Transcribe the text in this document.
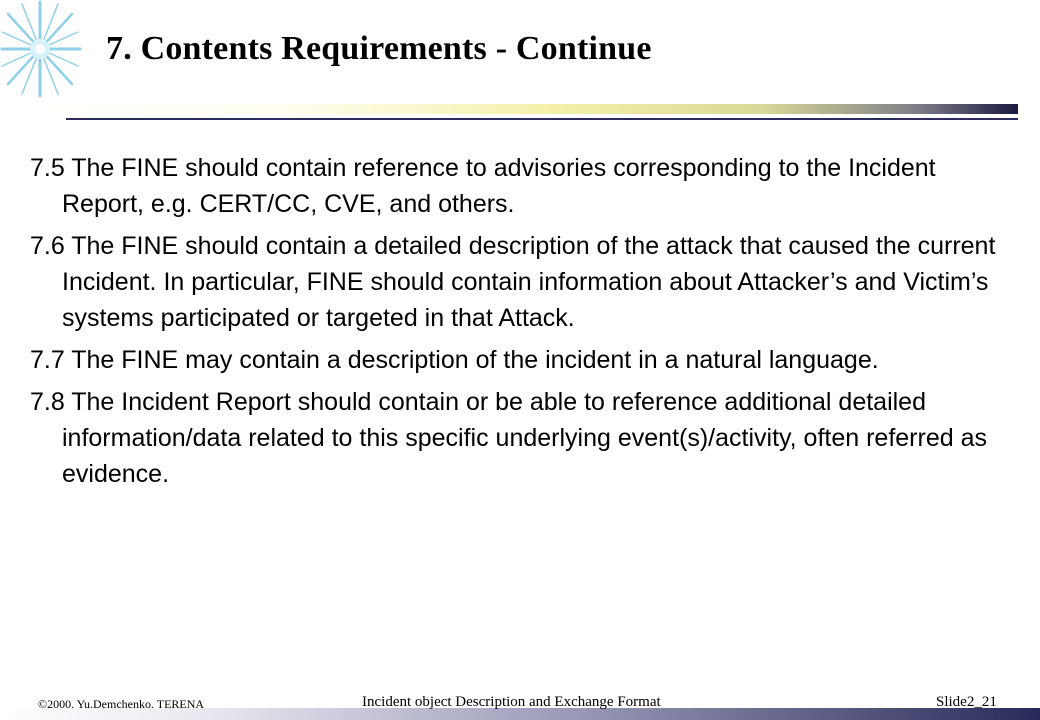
7. Contents Requirements - Continue

7.5 The FINE should contain reference to advisories corresponding to the Incident Report, e.g. CERT/CC, CVE, and others.

7.6 The FINE should contain a detailed description of the attack that caused the current Incident. In particular, FINE should contain information about Attacker’s and Victim’s systems participated or targeted in that Attack.

7.7 The FINE may contain a description of the incident in a natural language.

7.8 The Incident Report should contain or be able to reference additional detailed information/data related to this specific underlying event(s)/activity, often referred as evidence.

©2000. Yu.Demchenko. TERENA	Incident object Description and Exchange Format	Slide2_21
